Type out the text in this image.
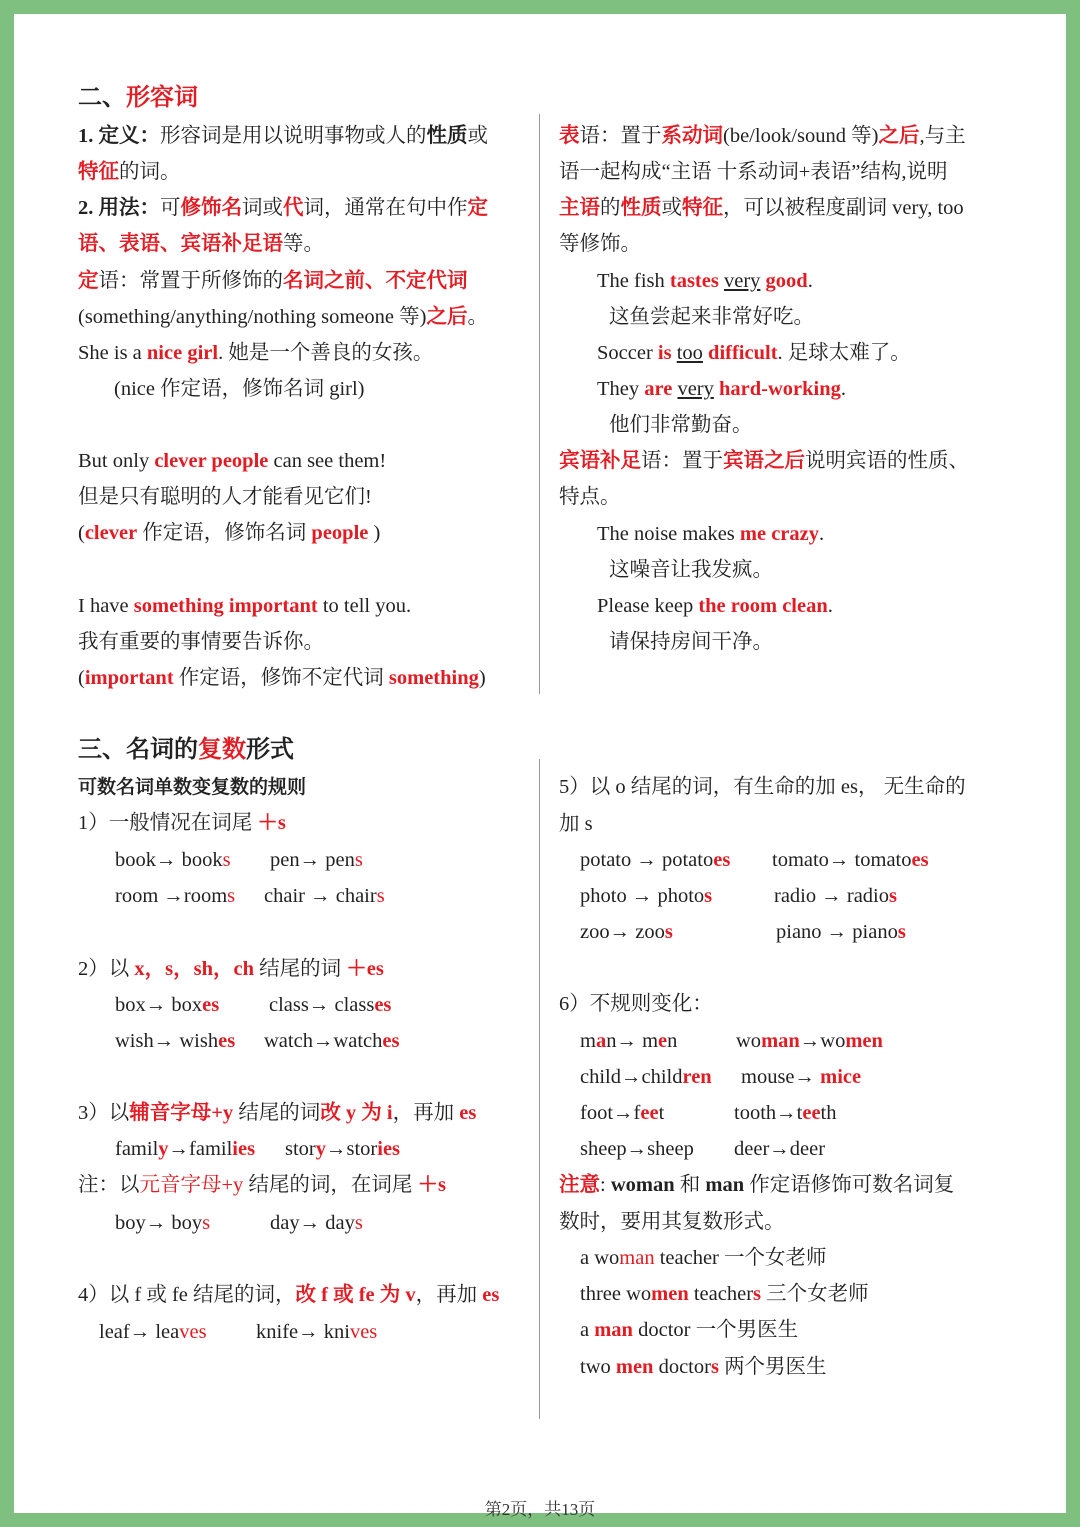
二、形容词
1. 定义：形容词是用以说明事物或人的性质或
特征的词。
2. 用法：可修饰名词或代词，通常在句中作定
语、表语、宾语补足语等。
定语：常置于所修饰的名词之前、不定代词
(something/anything/nothing someone 等)之后。
She is a nice girl. 她是一个善良的女孩。
(nice 作定语，修饰名词 girl)
But only clever people can see them!
但是只有聪明的人才能看见它们!
(clever 作定语，修饰名词 people )
I have something important to tell you.
我有重要的事情要告诉你。
(important 作定语，修饰不定代词 something)
表语：置于系动词(be/look/sound 等)之后,与主
语一起构成“主语 十系动词+表语”结构,说明
主语的性质或特征，可以被程度副词 very, too
等修饰。
The fish tastes very good.
这鱼尝起来非常好吃。
Soccer is too difficult. 足球太难了。
They are very hard-working.
他们非常勤奋。
宾语补足语：置于宾语之后说明宾语的性质、
特点。
The noise makes me crazy.
这噪音让我发疯。
Please keep the room clean.
请保持房间干净。
三、名词的复数形式
可数名词单数变复数的规则
1）一般情况在词尾 ＋s
book→ books pen→ pens
room →rooms chair → chairs
2）以 x，s，sh，ch 结尾的词 ＋es
box→ boxes class→ classes
wish→ wishes watch→watches
3）以辅音字母+y 结尾的词改 y 为 i，再加 es
family→families story→stories
注：以元音字母+y 结尾的词，在词尾 ＋s
boy→ boys	day→ days
4）以 f 或 fe 结尾的词，改 f 或 fe 为 v，再加 es
leaf→ leaves knife→ knives
5）以 o 结尾的词，有生命的加 es， 无生命的
加 s
potato → potatoes tomato→ tomatoes
photo → photos	radio → radios
zoo→ zoos	piano → pianos
6）不规则变化：
man→ men	woman→women
child→children mouse→ mice
foot→feet	tooth→teeth
sheep→sheep deer→deer
注意: woman 和 man 作定语修饰可数名词复
数时，要用其复数形式。
a woman teacher 一个女老师
three women teachers 三个女老师
a man doctor 一个男医生
two men doctors 两个男医生
第2页，共13页
